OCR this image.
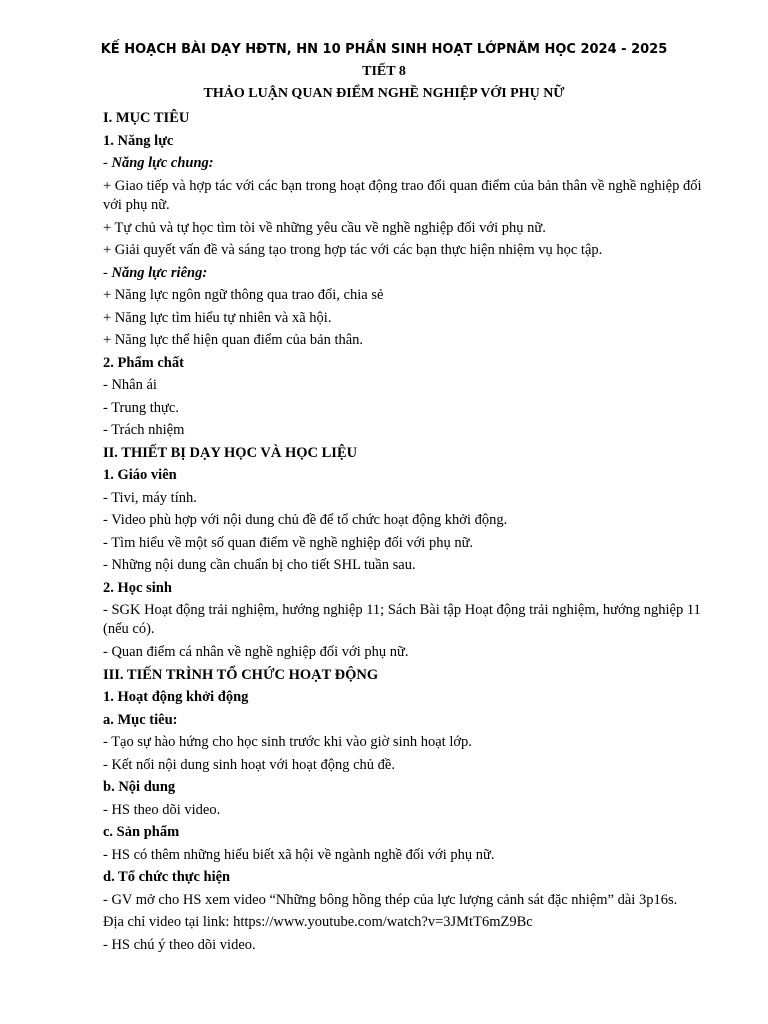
KẾ HOẠCH BÀI DẠY HĐTN, HN 10 PHẦN SINH HOẠT LỚPNĂM HỌC 2024 - 2025
TIẾT 8
THẢO LUẬN QUAN ĐIỂM NGHỀ NGHIỆP VỚI PHỤ NỮ

I. MỤC TIÊU

1. Năng lực

- Năng lực chung:

+ Giao tiếp và hợp tác với các bạn trong hoạt động trao đổi quan điểm của bản thân về nghề nghiệp đối với phụ nữ.

+ Tự chủ và tự học tìm tòi về những yêu cầu về nghề nghiệp đối với phụ nữ.

+ Giải quyết vấn đề và sáng tạo trong hợp tác với các bạn thực hiện nhiệm vụ học tập.

- Năng lực riêng:

+ Năng lực ngôn ngữ thông qua trao đổi, chia sẻ

+ Năng lực tìm hiểu tự nhiên và xã hội.

+ Năng lực thể hiện quan điểm của bản thân.

2. Phẩm chất

- Nhân ái

- Trung thực.

- Trách nhiệm

II. THIẾT BỊ DẠY HỌC VÀ HỌC LIỆU

1. Giáo viên

- Tivi, máy tính.

- Video phù hợp với nội dung chủ đề để tổ chức hoạt động khởi động.

- Tìm hiểu về một số quan điểm về nghề nghiệp đối với phụ nữ.

- Những nội dung cần chuẩn bị cho tiết SHL tuần sau.

2. Học sinh

- SGK Hoạt động trải nghiệm, hướng nghiệp 11; Sách Bài tập Hoạt động trải nghiệm, hướng nghiệp 11 (nếu có).

- Quan điểm cá nhân về nghề nghiệp đối với phụ nữ.

III. TIẾN TRÌNH TỔ CHỨC HOẠT ĐỘNG

1. Hoạt động khởi động

a. Mục tiêu:

- Tạo sự hào hứng cho học sinh trước khi vào giờ sinh hoạt lớp.

- Kết nối nội dung sinh hoạt với hoạt động chủ đề.

b. Nội dung

- HS theo dõi video.

c. Sản phẩm

- HS có thêm những hiểu biết xã hội về ngành nghề đối với phụ nữ.

d. Tổ chức thực hiện

- GV mở cho HS xem video “Những bông hồng thép của lực lượng cảnh sát đặc nhiệm” dài 3p16s.

Địa chỉ video tại link: https://www.youtube.com/watch?v=3JMtT6mZ9Bc

- HS chú ý theo dõi video.
